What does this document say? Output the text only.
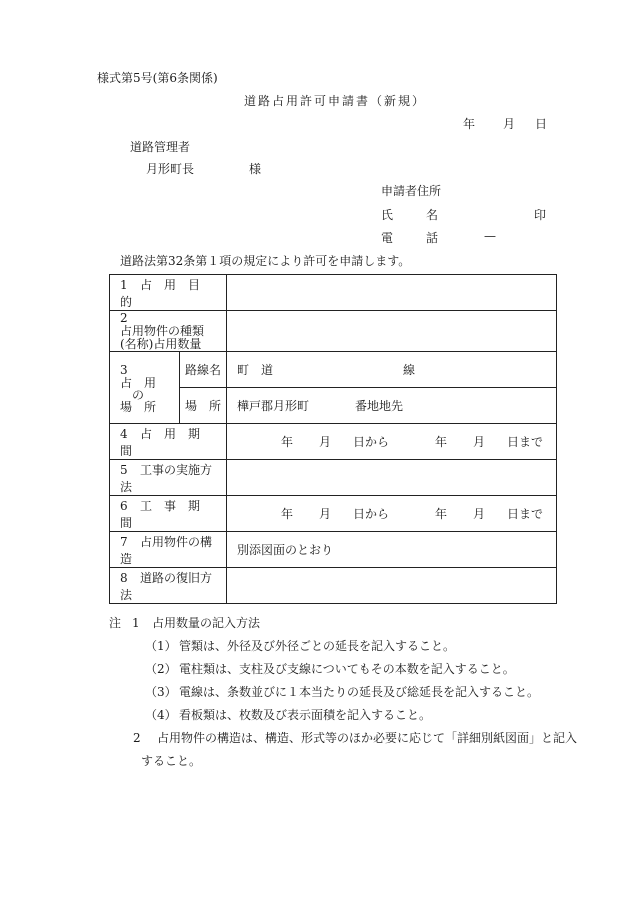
様式第5号(第6条関係)
道路占用許可申請書（新規）
年 月 日
道路管理者
月形町長	様
申請者住所
氏	名	印
電	話	—
道路法第32条第１項の規定により許可を申請します。
1 占　用　目　的		
2占用物件の種類
(名称)占用数量		
3占　用
の
場　所	路線名	町　道 線
	場　所	樺戸郡月形町 番地地先
4 占　用　期　間		年 月 日から 年 月 日まで
5 工事の実施方法		
6 工　事　期　間		年 月 日から 年 月 日まで
7 占用物件の構造		別添図面のとおり
8 道路の復旧方法		
注 1 占用数量の記入方法
（1） 管類は、外径及び外径ごとの延長を記入すること。
（2） 電柱類は、支柱及び支線についてもその本数を記入すること。
（3） 電線は、条数並びに１本当たりの延長及び総延長を記入すること。
（4） 看板類は、枚数及び表示面積を記入すること。
2 占用物件の構造は、構造、形式等のほか必要に応じて「詳細別紙図面」と記入
すること。
